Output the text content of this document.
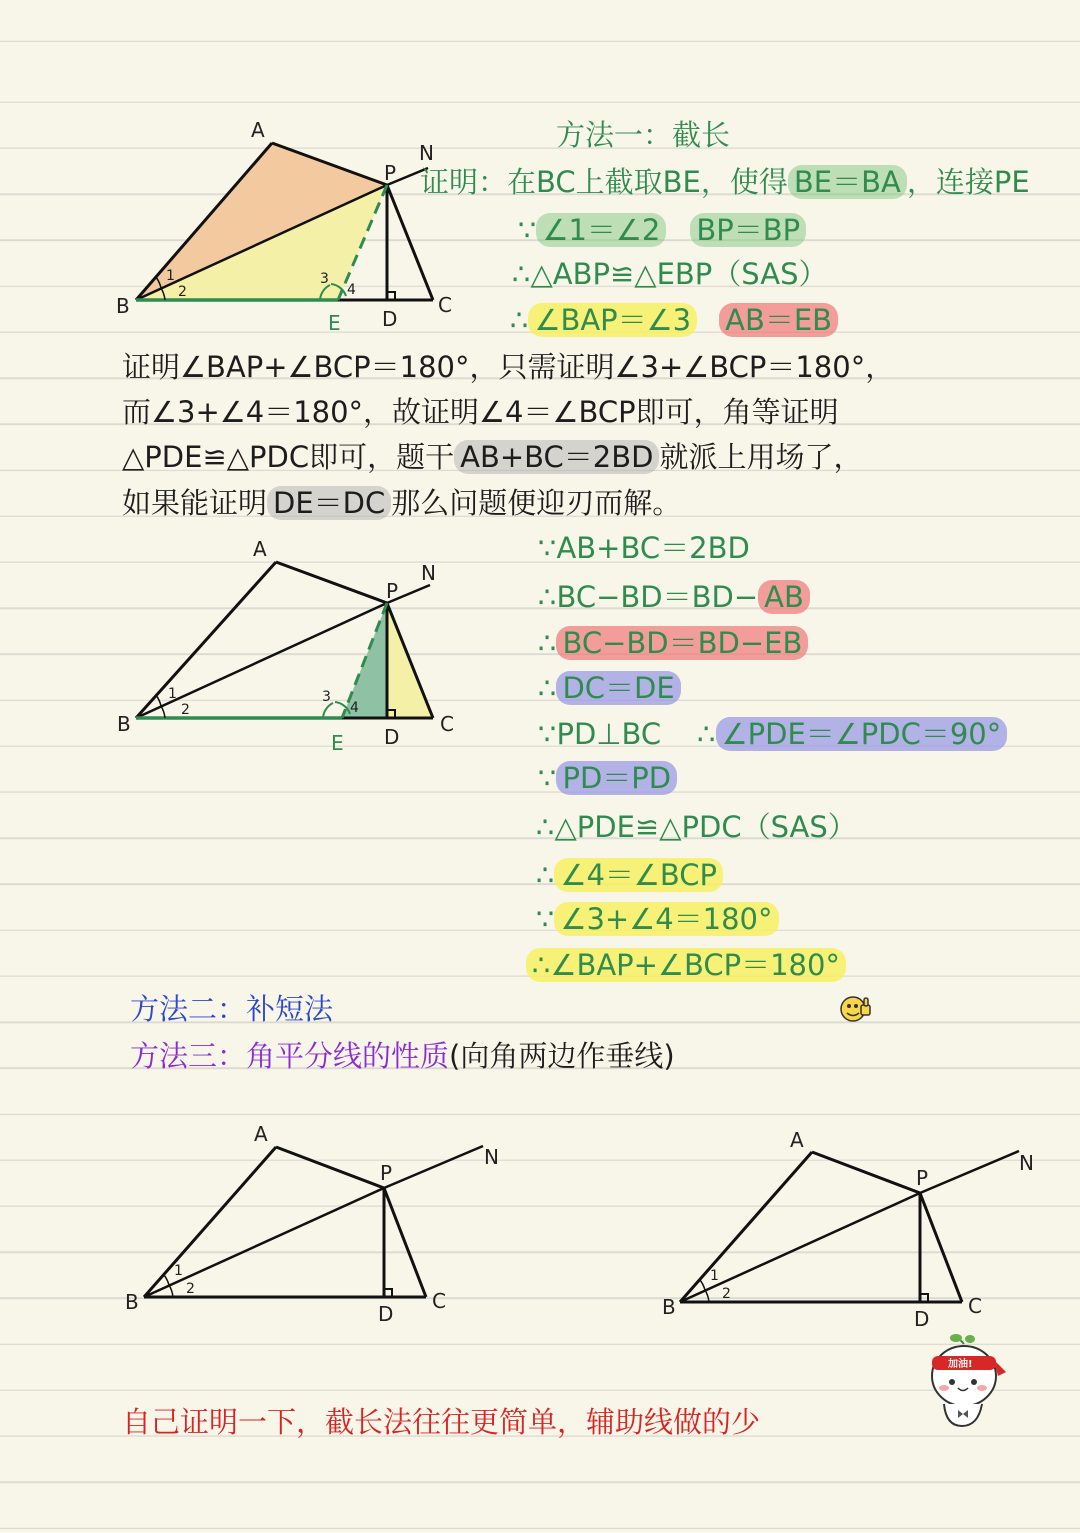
A
B	C
D
E
N
P
1
2
3
4
方法一：截长
证明：在BC上截取BE，使得 BE＝BA ，连接PE
∵ ∠1＝∠2 BP＝BP
∴△ABP≌△EBP（SAS）
∴ ∠BAP＝∠3 AB＝EB
证明∠BAP+∠BCP＝180°，只需证明∠3+∠BCP＝180°，
而∠3+∠4＝180°，故证明∠4＝∠BCP即可，角等证明
△PDE≌△PDC即可，题干 AB+BC＝2BD 就派上用场了，
如果能证明 DE＝DC 那么问题便迎刃而解。
A
B	C
D
E
N
P
1
2
3
4
∵AB+BC＝2BD
∴BC−BD＝BD− AB
∴ BC−BD＝BD−EB
∴ DC＝DE
∵PD⊥BC ∴ ∠PDE＝∠PDC＝90°
∵ PD＝PD
∴△PDE≌△PDC（SAS）
∴ ∠4＝∠BCP
∵ ∠3+∠4＝180°
∴∠BAP+∠BCP＝180°
方法二：补短法
方法三：角平分线的性质(向角两边作垂线)
A
B	C
D
N
P
1
2
A
B	C
D
N
P
1
2
加油!
自己证明一下，截长法往往更简单，辅助线做的少
